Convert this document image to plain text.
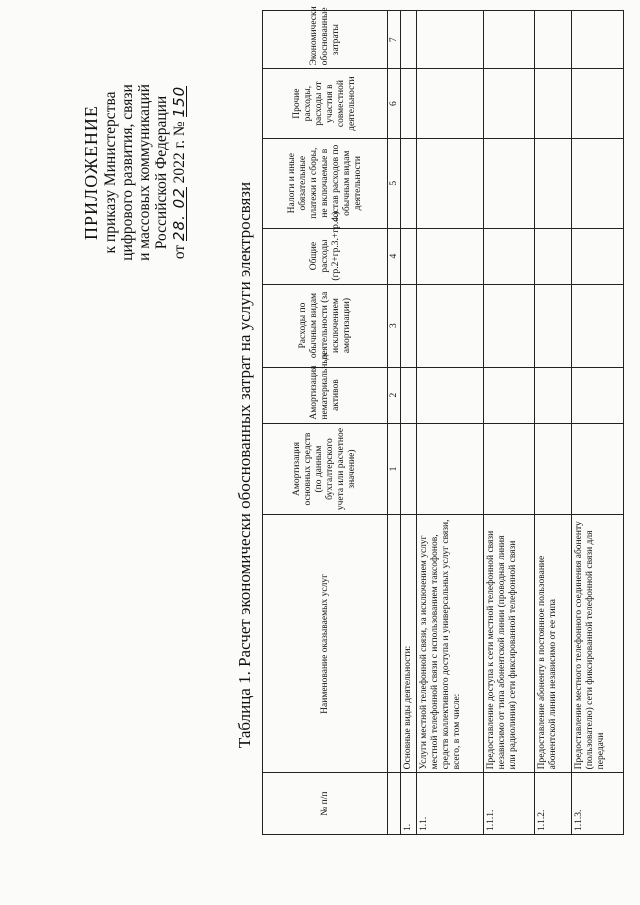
ПРИЛОЖЕНИЕ к приказу Министерства цифрового развития, связи и массовых коммуникаций Российской Федерации
от 28. 02 2022 г. № 150
Таблица 1. Расчет экономически обоснованных затрат на услуги электросвязи
№ п/п	Наименование оказываемых услуг	Амортизация основных средств (по данным бухгалтерского учета или расчетное значение)	Амортизация нематериальных активов	Расходы по обычным видам деятельности (за исключением амортизации)	Общие расходы (гр.2+гр.3.+гр.4.)	Налоги и иные обязательные платежи и сборы, не включаемые в состав расходов по обычным видам деятельности	Прочие расходы, расходы от участия в совместной деятельности	Экономически обоснованные затраты
		1	2	3	4	5	6	7
1.	Основные виды деятельности:							
1.1.	Услуги местной телефонной связи, за исключением услуг местной телефонной связи с использованием таксофонов, средств коллективного доступа и универсальных услуг связи, всего, в том числе:							
1.1.1.	Предоставление доступа к сети местной телефонной связи независимо от типа абонентской линии (проводная линия или радиолиния) сети фиксированной телефонной связи							
1.1.2.	Предоставление абоненту в постоянное пользование абонентской линии независимо от ее типа							
1.1.3.	Предоставление местного телефонного соединения абоненту (пользователю) сети фиксированной телефонной связи для передачи							
